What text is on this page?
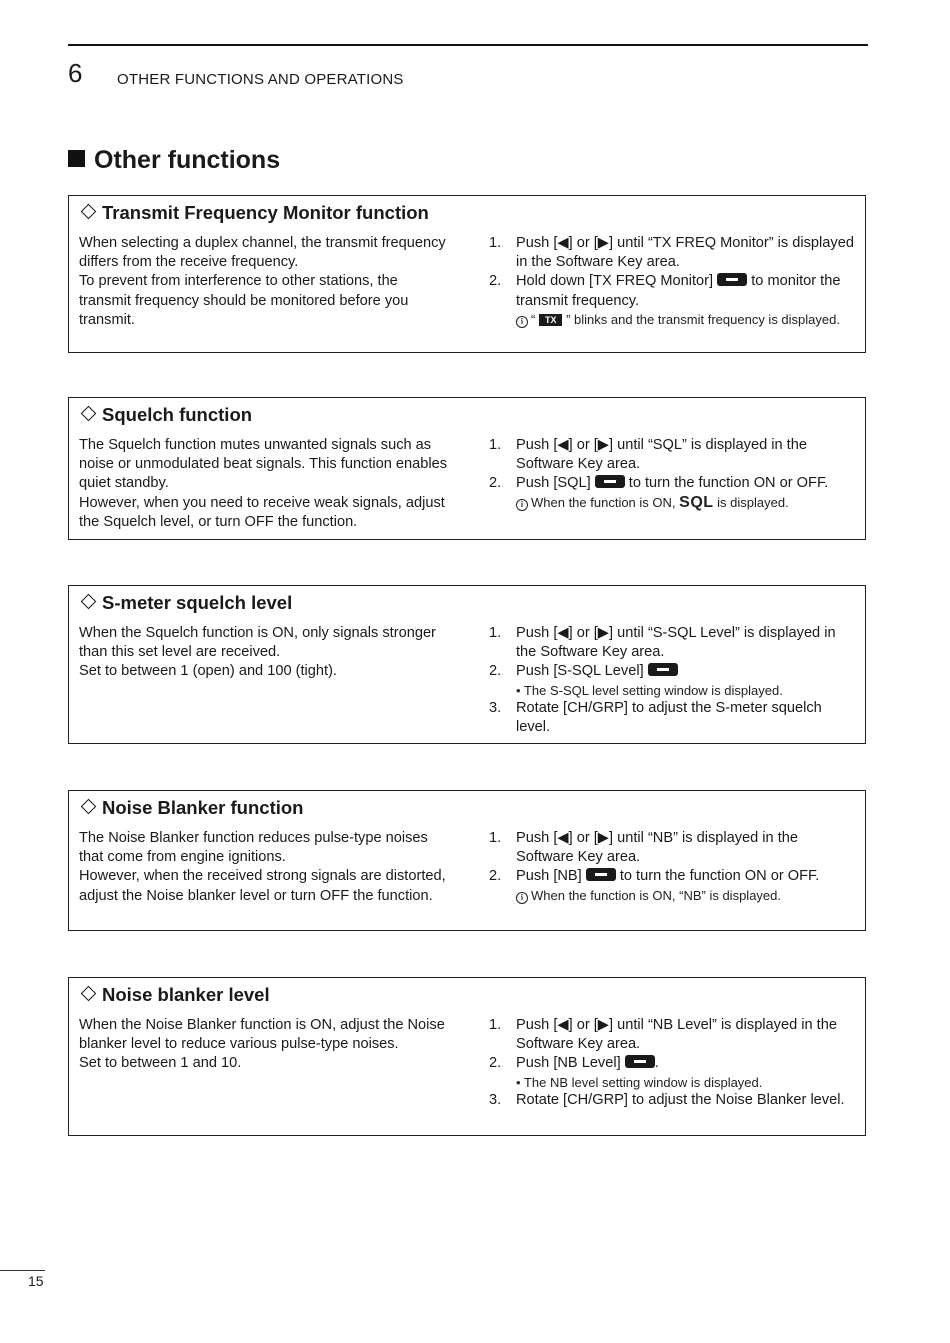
6 OTHER FUNCTIONS AND OPERATIONS
Other functions
Transmit Frequency Monitor function

When selecting a duplex channel, the transmit frequency differs from the receive frequency.

To prevent from interference to other stations, the transmit frequency should be monitored before you transmit.

1. Push [◀] or [▶] until “TX FREQ Monitor” is displayed in the Software Key area.
2. Hold down [TX FREQ Monitor]	to monitor the transmit frequency.
i “ TX ” blinks and the transmit frequency is displayed.
Squelch function

The Squelch function mutes unwanted signals such as noise or unmodulated beat signals. This function enables quiet standby.

However, when you need to receive weak signals, adjust the Squelch level, or turn OFF the function.

1. Push [◀] or [▶] until “SQL” is displayed in the Software Key area.
2. Push [SQL]	to turn the function ON or OFF.
i When the function is ON, SQL is displayed.
S-meter squelch level

When the Squelch function is ON, only signals stronger than this set level are received.

Set to between 1 (open) and 100 (tight).

1. Push [◀] or [▶] until “S-SQL Level” is displayed in the Software Key area.
2. Push [S-SQL Level]
• The S-SQL level setting window is displayed.
3. Rotate [CH/GRP] to adjust the S-meter squelch level.
Noise Blanker function

The Noise Blanker function reduces pulse-type noises that come from engine ignitions.

However, when the received strong signals are distorted, adjust the Noise blanker level or turn OFF the function.

1. Push [◀] or [▶] until “NB” is displayed in the Software Key area.
2. Push [NB]	to turn the function ON or OFF.
i When the function is ON, “NB” is displayed.
Noise blanker level

When the Noise Blanker function is ON, adjust the Noise blanker level to reduce various pulse-type noises.

Set to between 1 and 10.

1. Push [◀] or [▶] until “NB Level” is displayed in the Software Key area.
2. Push [NB Level] .
• The NB level setting window is displayed.
3. Rotate [CH/GRP] to adjust the Noise Blanker level.
15
